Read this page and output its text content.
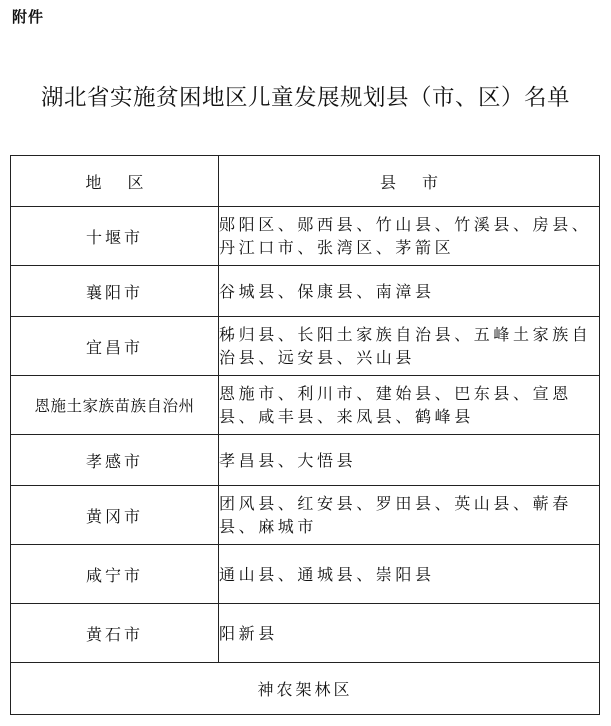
附件
湖北省实施贫困地区儿童发展规划县（市、区）名单
地区	县市
十堰市	郧阳区、郧西县、竹山县、竹溪县、房县、丹江口市、张湾区、茅箭区
襄阳市	谷城县、保康县、南漳县
宜昌市	秭归县、长阳土家族自治县、五峰土家族自治县、远安县、兴山县
恩施土家族苗族自治州	恩施市、利川市、建始县、巴东县、宣恩县、咸丰县、来凤县、鹤峰县
孝感市	孝昌县、大悟县
黄冈市	团风县、红安县、罗田县、英山县、蕲春县、麻城市
咸宁市	通山县、通城县、崇阳县
黄石市	阳新县
神农架林区	
